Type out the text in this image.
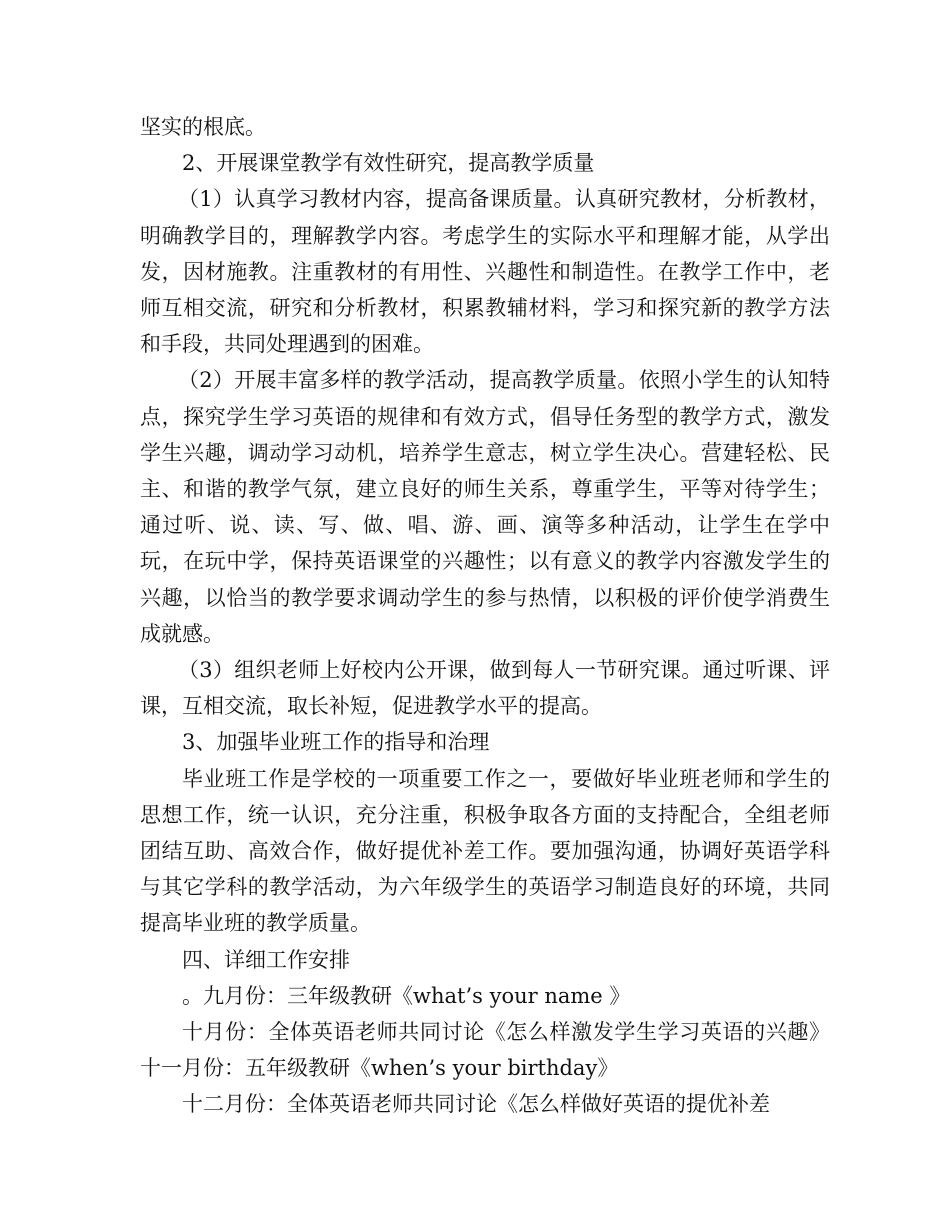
坚实的根底。

2、开展课堂教学有效性研究，提高教学质量

（1）认真学习教材内容，提高备课质量。认真研究教材，分析教材，明确教学目的，理解教学内容。考虑学生的实际水平和理解才能，从学出发，因材施教。注重教材的有用性、兴趣性和制造性。在教学工作中，老师互相交流，研究和分析教材，积累教辅材料，学习和探究新的教学方法和手段，共同处理遇到的困难。

（2）开展丰富多样的教学活动，提高教学质量。依照小学生的认知特点，探究学生学习英语的规律和有效方式，倡导任务型的教学方式，激发学生兴趣，调动学习动机，培养学生意志，树立学生决心。营建轻松、民主、和谐的教学气氛，建立良好的师生关系，尊重学生，平等对待学生；通过听、说、读、写、做、唱、游、画、演等多种活动，让学生在学中玩，在玩中学，保持英语课堂的兴趣性；以有意义的教学内容激发学生的兴趣，以恰当的教学要求调动学生的参与热情，以积极的评价使学消费生成就感。

（3）组织老师上好校内公开课，做到每人一节研究课。通过听课、评课，互相交流，取长补短，促进教学水平的提高。

3、加强毕业班工作的指导和治理

毕业班工作是学校的一项重要工作之一，要做好毕业班老师和学生的思想工作，统一认识，充分注重，积极争取各方面的支持配合，全组老师团结互助、高效合作，做好提优补差工作。要加强沟通，协调好英语学科与其它学科的教学活动，为六年级学生的英语学习制造良好的环境，共同提高毕业班的教学质量。

四、详细工作安排

。九月份：三年级教研《what’s your name 》

十月份：全体英语老师共同讨论《怎么样激发学生学习英语的兴趣》 十一月份：五年级教研《when’s your birthday》

十二月份：全体英语老师共同讨论《怎么样做好英语的提优补差
